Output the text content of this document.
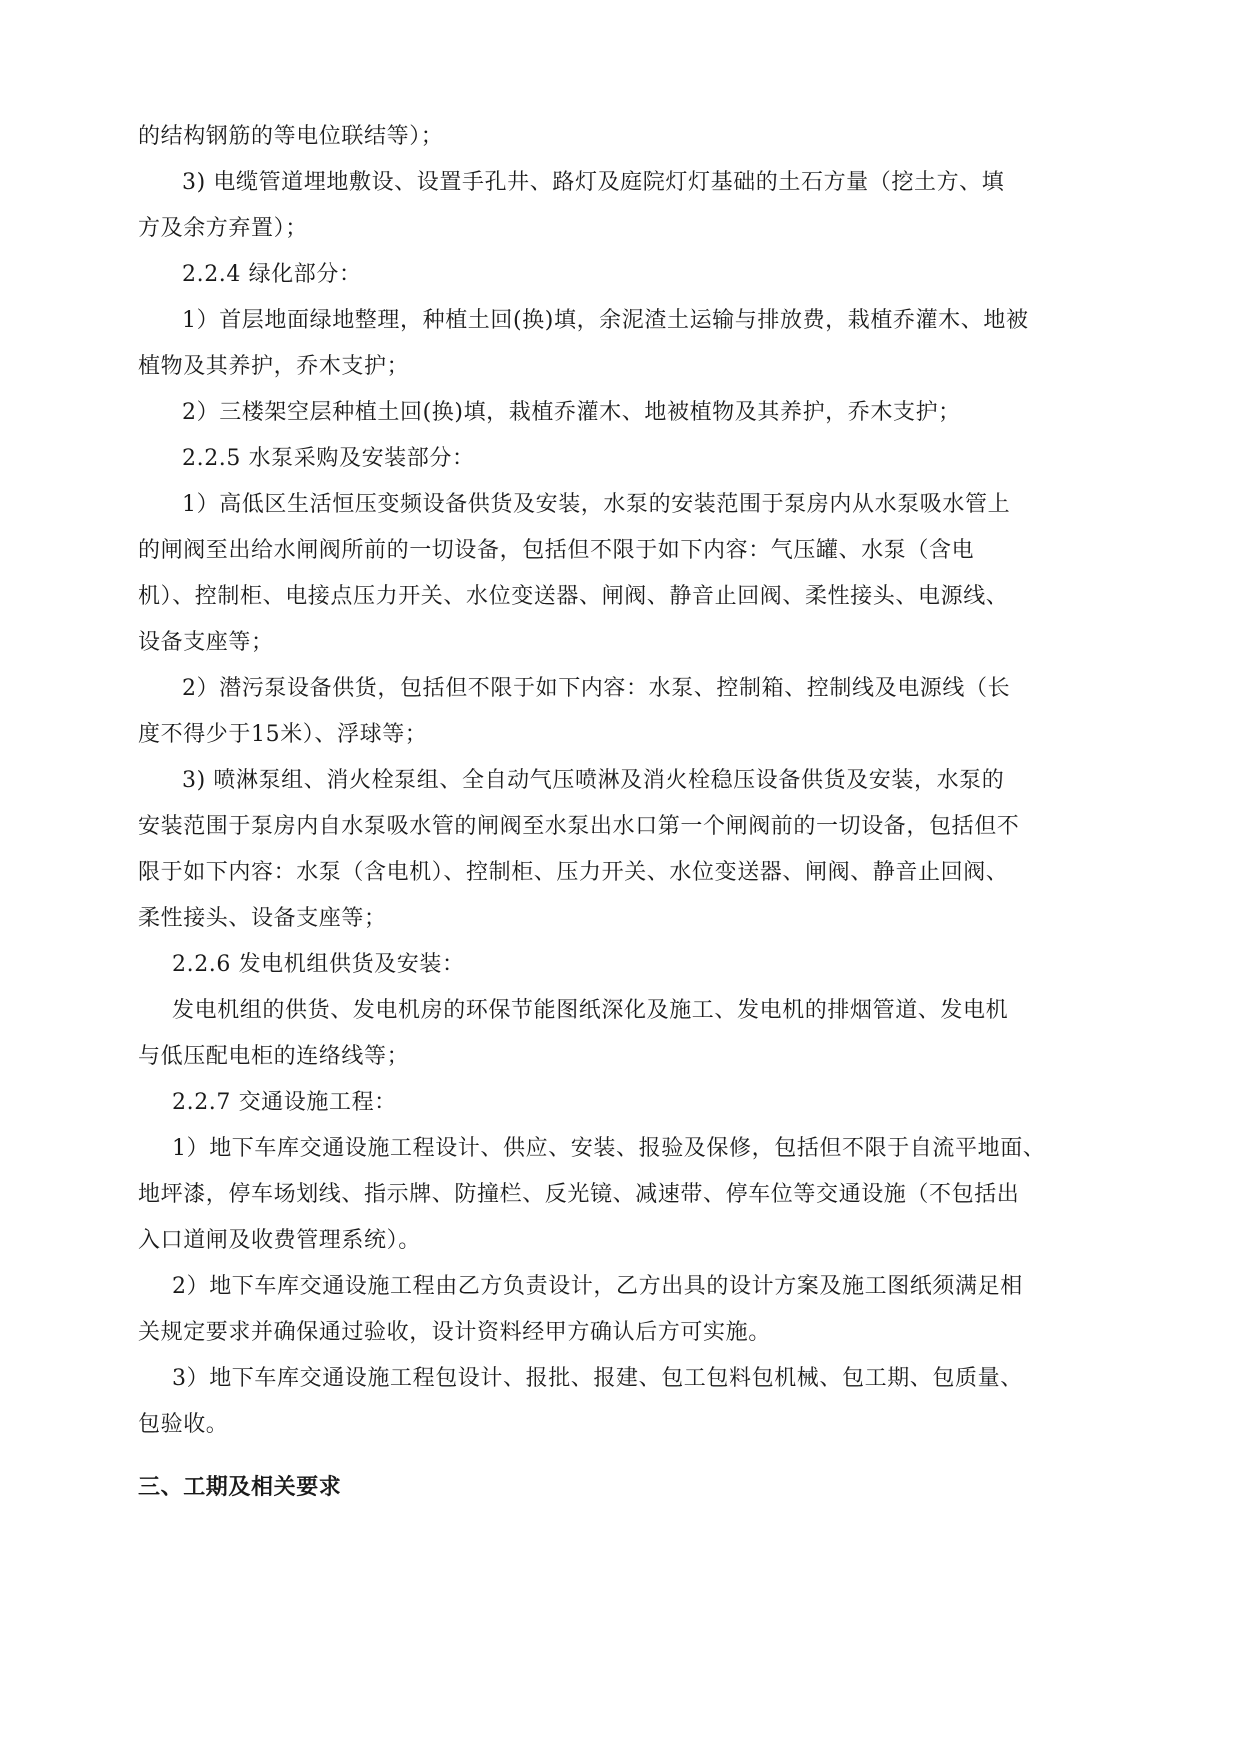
的结构钢筋的等电位联结等）；
3) 电缆管道埋地敷设、设置手孔井、路灯及庭院灯灯基础的土石方量（挖土方、填
方及余方弃置）；
2.2.4 绿化部分：
1）首层地面绿地整理，种植土回(换)填，余泥渣土运输与排放费，栽植乔灌木、地被
植物及其养护，乔木支护；
2）三楼架空层种植土回(换)填，栽植乔灌木、地被植物及其养护，乔木支护；
2.2.5 水泵采购及安装部分：
1）高低区生活恒压变频设备供货及安装，水泵的安装范围于泵房内从水泵吸水管上
的闸阀至出给水闸阀所前的一切设备，包括但不限于如下内容：气压罐、水泵（含电
机）、控制柜、电接点压力开关、水位变送器、闸阀、静音止回阀、柔性接头、电源线、
设备支座等；
2）潜污泵设备供货，包括但不限于如下内容：水泵、控制箱、控制线及电源线（长
度不得少于15米）、浮球等；
3) 喷淋泵组、消火栓泵组、全自动气压喷淋及消火栓稳压设备供货及安装，水泵的
安装范围于泵房内自水泵吸水管的闸阀至水泵出水口第一个闸阀前的一切设备，包括但不
限于如下内容：水泵（含电机）、控制柜、压力开关、水位变送器、闸阀、静音止回阀、
柔性接头、设备支座等；
2.2.6 发电机组供货及安装：
发电机组的供货、发电机房的环保节能图纸深化及施工、发电机的排烟管道、发电机
与低压配电柜的连络线等；
2.2.7 交通设施工程：
1）地下车库交通设施工程设计、供应、安装、报验及保修，包括但不限于自流平地面、
地坪漆，停车场划线、指示牌、防撞栏、反光镜、减速带、停车位等交通设施（不包括出
入口道闸及收费管理系统）。
2）地下车库交通设施工程由乙方负责设计，乙方出具的设计方案及施工图纸须满足相
关规定要求并确保通过验收，设计资料经甲方确认后方可实施。
3）地下车库交通设施工程包设计、报批、报建、包工包料包机械、包工期、包质量、
包验收。
三、工期及相关要求
